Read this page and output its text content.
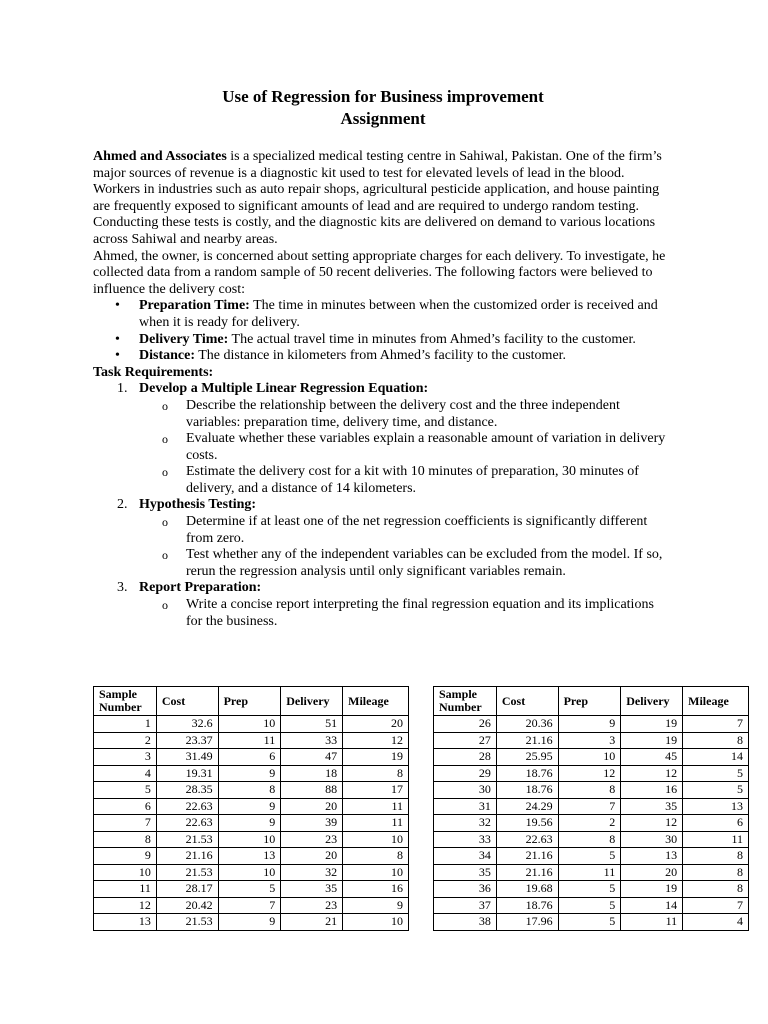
Use of Regression for Business improvement
Assignment

Ahmed and Associates is a specialized medical testing centre in Sahiwal, Pakistan. One of the firm’s major sources of revenue is a diagnostic kit used to test for elevated levels of lead in the blood. Workers in industries such as auto repair shops, agricultural pesticide application, and house painting are frequently exposed to significant amounts of lead and are required to undergo random testing. Conducting these tests is costly, and the diagnostic kits are delivered on demand to various locations across Sahiwal and nearby areas.

Ahmed, the owner, is concerned about setting appropriate charges for each delivery. To investigate, he collected data from a random sample of 50 recent deliveries. The following factors were believed to influence the delivery cost:

• Preparation Time: The time in minutes between when the customized order is received and when it is ready for delivery.
• Delivery Time: The actual travel time in minutes from Ahmed’s facility to the customer.
• Distance: The distance in kilometers from Ahmed’s facility to the customer.
Task Requirements:
1. Develop a Multiple Linear Regression Equation:
o Describe the relationship between the delivery cost and the three independent variables: preparation time, delivery time, and distance.
o Evaluate whether these variables explain a reasonable amount of variation in delivery costs.
o Estimate the delivery cost for a kit with 10 minutes of preparation, 30 minutes of delivery, and a distance of 14 kilometers.
2. Hypothesis Testing:
o Determine if at least one of the net regression coefficients is significantly different from zero.
o Test whether any of the independent variables can be excluded from the model. If so, rerun the regression analysis until only significant variables remain.
3. Report Preparation:
o Write a concise report interpreting the final regression equation and its implications for the business.
Sample Number	Cost	Prep	Delivery	Mileage
1	32.6	10	51	20
2	23.37	11	33	12
3	31.49	6	47	19
4	19.31	9	18	8
5	28.35	8	88	17
6	22.63	9	20	11
7	22.63	9	39	11
8	21.53	10	23	10
9	21.16	13	20	8
10	21.53	10	32	10
11	28.17	5	35	16
12	20.42	7	23	9
13	21.53	9	21	10
Sample Number	Cost	Prep	Delivery	Mileage
26	20.36	9	19	7
27	21.16	3	19	8
28	25.95	10	45	14
29	18.76	12	12	5
30	18.76	8	16	5
31	24.29	7	35	13
32	19.56	2	12	6
33	22.63	8	30	11
34	21.16	5	13	8
35	21.16	11	20	8
36	19.68	5	19	8
37	18.76	5	14	7
38	17.96	5	11	4
